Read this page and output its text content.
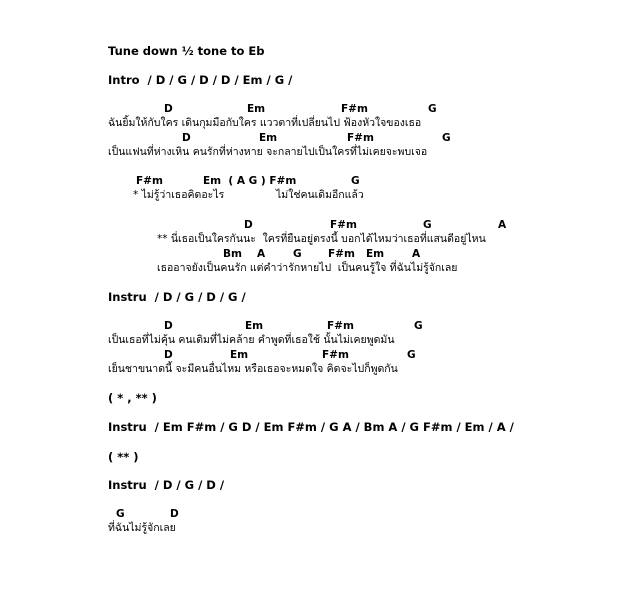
Tune down ½ tone to Eb
Intro  / D / G / D / D / Em / G /
D	Em	F#m	G
ฉันยิ้มให้กับใคร เดินกุมมือกับใคร แววตาที่เปลี่ยนไป ฟ้องหัวใจของเธอ
D	Em	F#m	G
เป็นแฟนที่ห่างเหิน คนรักที่ห่างหาย จะกลายไปเป็นใครที่ไม่เคยจะพบเจอ
F#m	Em  ( A G ) F#m	G
* ไม่รู้ว่าเธอคิดอะไร	ไม่ใช่คนเดิมอีกแล้ว
D	F#m	G	A
** นี่เธอเป็นใครกันนะ  ใครที่ยืนอยู่ตรงนี้ บอกได้ไหมว่าเธอที่แสนดีอยู่ไหน
Bm A	G	F#m Em	A
เธออาจยังเป็นคนรัก แต่คำว่ารักหายไป  เป็นคนรู้ใจ ที่ฉันไม่รู้จักเลย
Instru  / D / G / D / G /
D	Em	F#m	G
เป็นเธอที่ไม่คุ้น คนเดิมที่ไม่คล้าย คำพูดที่เธอใช้ นั้นไม่เคยพูดมัน
D	Em	F#m	G
เย็นชาขนาดนี้ จะมีคนอื่นไหม หรือเธอจะหมดใจ คิดจะไปก็พูดกัน
( * , ** )
Instru  / Em F#m / G D / Em F#m / G A / Bm A / G F#m / Em / A /
( ** )
Instru  / D / G / D /
G	D
ที่ฉันไม่รู้จักเลย
